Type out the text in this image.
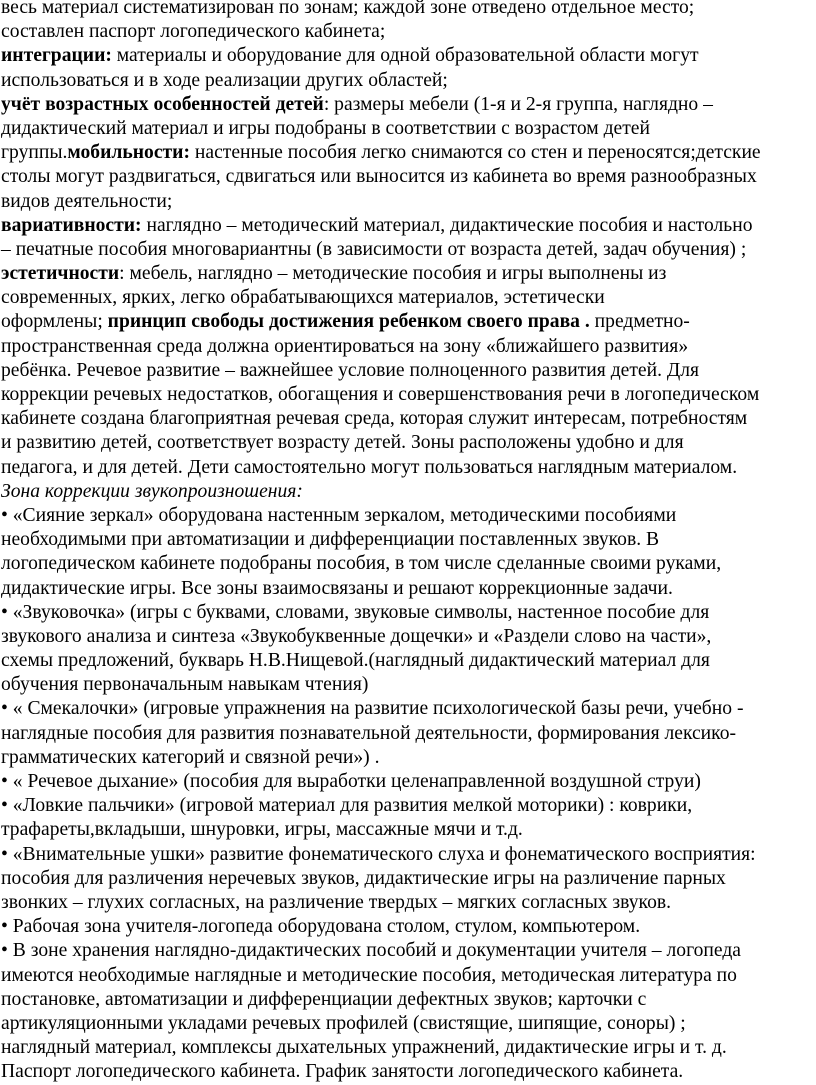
весь материал систематизирован по зонам; каждой зоне отведено отдельное место;
составлен паспорт логопедического кабинета;
интеграции: материалы и оборудование для одной образовательной области могут
использоваться и в ходе реализации других областей;
учёт возрастных особенностей детей: размеры мебели (1-я и 2-я группа, наглядно –
дидактический материал и игры подобраны в соответствии с возрастом детей
группы.мобильности: настенные пособия легко снимаются со стен и переносятся;детские
столы могут раздвигаться, сдвигаться или выносится из кабинета во время разнообразных
видов деятельности;
вариативности: наглядно – методический материал, дидактические пособия и настольно
– печатные пособия многовариантны (в зависимости от возраста детей, задач обучения) ;
эстетичности: мебель, наглядно – методические пособия и игры выполнены из
современных, ярких, легко обрабатывающихся материалов, эстетически
оформлены; принцип свободы достижения ребенком своего права . предметно-
пространственная среда должна ориентироваться на зону «ближайшего развития»
ребёнка. Речевое развитие – важнейшее условие полноценного развития детей. Для
коррекции речевых недостатков, обогащения и совершенствования речи в логопедическом
кабинете создана благоприятная речевая среда, которая служит интересам, потребностям
и развитию детей, соответствует возрасту детей. Зоны расположены удобно и для
педагога, и для детей. Дети самостоятельно могут пользоваться наглядным материалом.
Зона коррекции звукопроизношения:
• «Сияние зеркал» оборудована настенным зеркалом, методическими пособиями
необходимыми при автоматизации и дифференциации поставленных звуков. В
логопедическом кабинете подобраны пособия, в том числе сделанные своими руками,
дидактические игры. Все зоны взаимосвязаны и решают коррекционные задачи.
• «Звуковочка» (игры с буквами, словами, звуковые символы, настенное пособие для
звукового анализа и синтеза «Звукобуквенные дощечки» и «Раздели слово на части»,
схемы предложений, букварь Н.В.Нищевой.(наглядный дидактический материал для
обучения первоначальным навыкам чтения)
• « Смекалочки» (игровые упражнения на развитие психологической базы речи, учебно -
наглядные пособия для развития познавательной деятельности, формирования лексико-
грамматических категорий и связной речи») .
• « Речевое дыхание» (пособия для выработки целенаправленной воздушной струи)
• «Ловкие пальчики» (игровой материал для развития мелкой моторики) : коврики,
трафареты,вкладыши, шнуровки, игры, массажные мячи и т.д.
• «Внимательные ушки» развитие фонематического слуха и фонематического восприятия:
пособия для различения неречевых звуков, дидактические игры на различение парных
звонких – глухих согласных, на различение твердых – мягких согласных звуков.
• Рабочая зона учителя-логопеда оборудована столом, стулом, компьютером.
• В зоне хранения наглядно-дидактических пособий и документации учителя – логопеда
имеются необходимые наглядные и методические пособия, методическая литература по
постановке, автоматизации и дифференциации дефектных звуков; карточки с
артикуляционными укладами речевых профилей (свистящие, шипящие, соноры) ;
наглядный материал, комплексы дыхательных упражнений, дидактические игры и т. д.
Паспорт логопедического кабинета. График занятости логопедического кабинета.
